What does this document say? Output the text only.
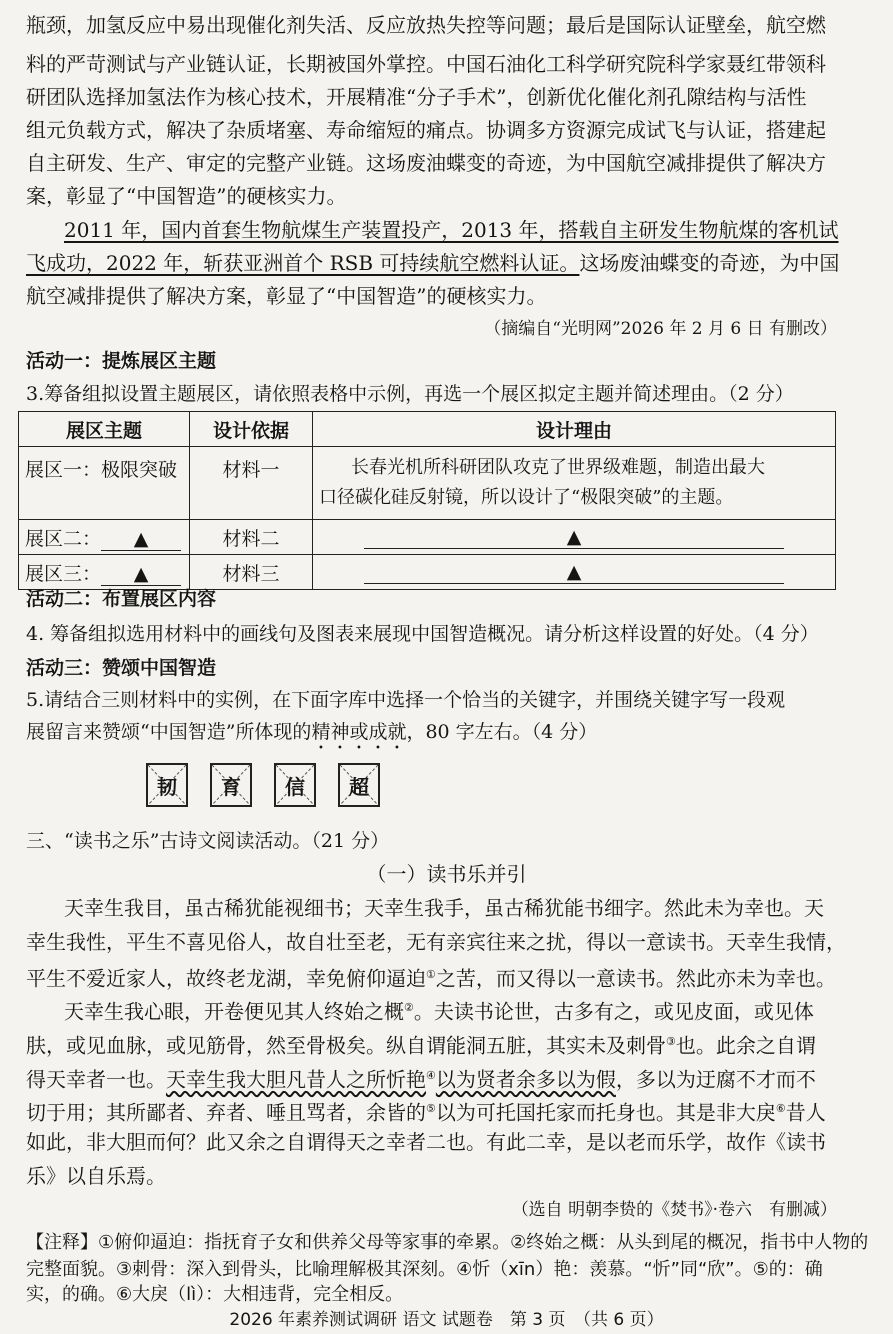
瓶颈，加氢反应中易出现催化剂失活、反应放热失控等问题；最后是国际认证壁垒，航空燃
料的严苛测试与产业链认证，长期被国外掌控。中国石油化工科学研究院科学家聂红带领科
研团队选择加氢法作为核心技术，开展精准“分子手术”，创新优化催化剂孔隙结构与活性
组元负载方式，解决了杂质堵塞、寿命缩短的痛点。协调多方资源完成试飞与认证，搭建起
自主研发、生产、审定的完整产业链。这场废油蝶变的奇迹，为中国航空减排提供了解决方
案，彰显了“中国智造”的硬核实力。
2011 年，国内首套生物航煤生产装置投产，2013 年，搭载自主研发生物航煤的客机试
飞成功，2022 年，斩获亚洲首个 RSB 可持续航空燃料认证。这场废油蝶变的奇迹，为中国
航空减排提供了解决方案，彰显了“中国智造”的硬核实力。
（摘编自“光明网”2026 年 2 月 6 日 有删改）
活动一：提炼展区主题
3.筹备组拟设置主题展区，请依照表格中示例，再选一个展区拟定主题并简述理由。（2 分）
展区主题	设计依据	设计理由
展区一：极限突破	材料一	长春光机所科研团队攻克了世界级难题，制造出最大
口径碳化硅反射镜，所以设计了“极限突破”的主题。

展区二： ▲	材料二	▲

展区三： ▲	材料三	▲
活动二：布置展区内容
4. 筹备组拟选用材料中的画线句及图表来展现中国智造概况。请分析这样设置的好处。（4 分）
活动三：赞颂中国智造
5.请结合三则材料中的实例，在下面字库中选择一个恰当的关键字，并围绕关键字写一段观
展留言来赞颂“中国智造”所体现的精神或成就，80 字左右。（4 分）
韧 育 信 超
三、“读书之乐”古诗文阅读活动。（21 分）
（一）读书乐并引
天幸生我目，虽古稀犹能视细书；天幸生我手，虽古稀犹能书细字。然此未为幸也。天
幸生我性，平生不喜见俗人，故自壮至老，无有亲宾往来之扰，得以一意读书。天幸生我情，
平生不爱近家人，故终老龙湖，幸免俯仰逼迫①之苦，而又得以一意读书。然此亦未为幸也。
天幸生我心眼，开卷便见其人终始之概②。夫读书论世，古多有之，或见皮面，或见体
肤，或见血脉，或见筋骨，然至骨极矣。纵自谓能洞五脏，其实未及刺骨③也。此余之自谓
得天幸者一也。天幸生我大胆凡昔人之所忻艳④以为贤者余多以为假，多以为迂腐不才而不
切于用；其所鄙者、弃者、唾且骂者，余皆的⑤以为可托国托家而托身也。其是非大戾⑥昔人
如此，非大胆而何？此又余之自谓得天之幸者二也。有此二幸，是以老而乐学，故作《读书
乐》以自乐焉。
（选自 明朝李贽的《焚书》·卷六　有删减）
【注释】①俯仰逼迫：指抚育子女和供养父母等家事的牵累。②终始之概：从头到尾的概况，指书中人物的
完整面貌。③刺骨：深入到骨头，比喻理解极其深刻。④忻（xīn）艳：羡慕。“忻”同“欣”。⑤的：确
实，的确。⑥大戾（lì）：大相违背，完全相反。
2026 年素养测试调研 语文 试题卷　第 3 页　（共 6 页）
